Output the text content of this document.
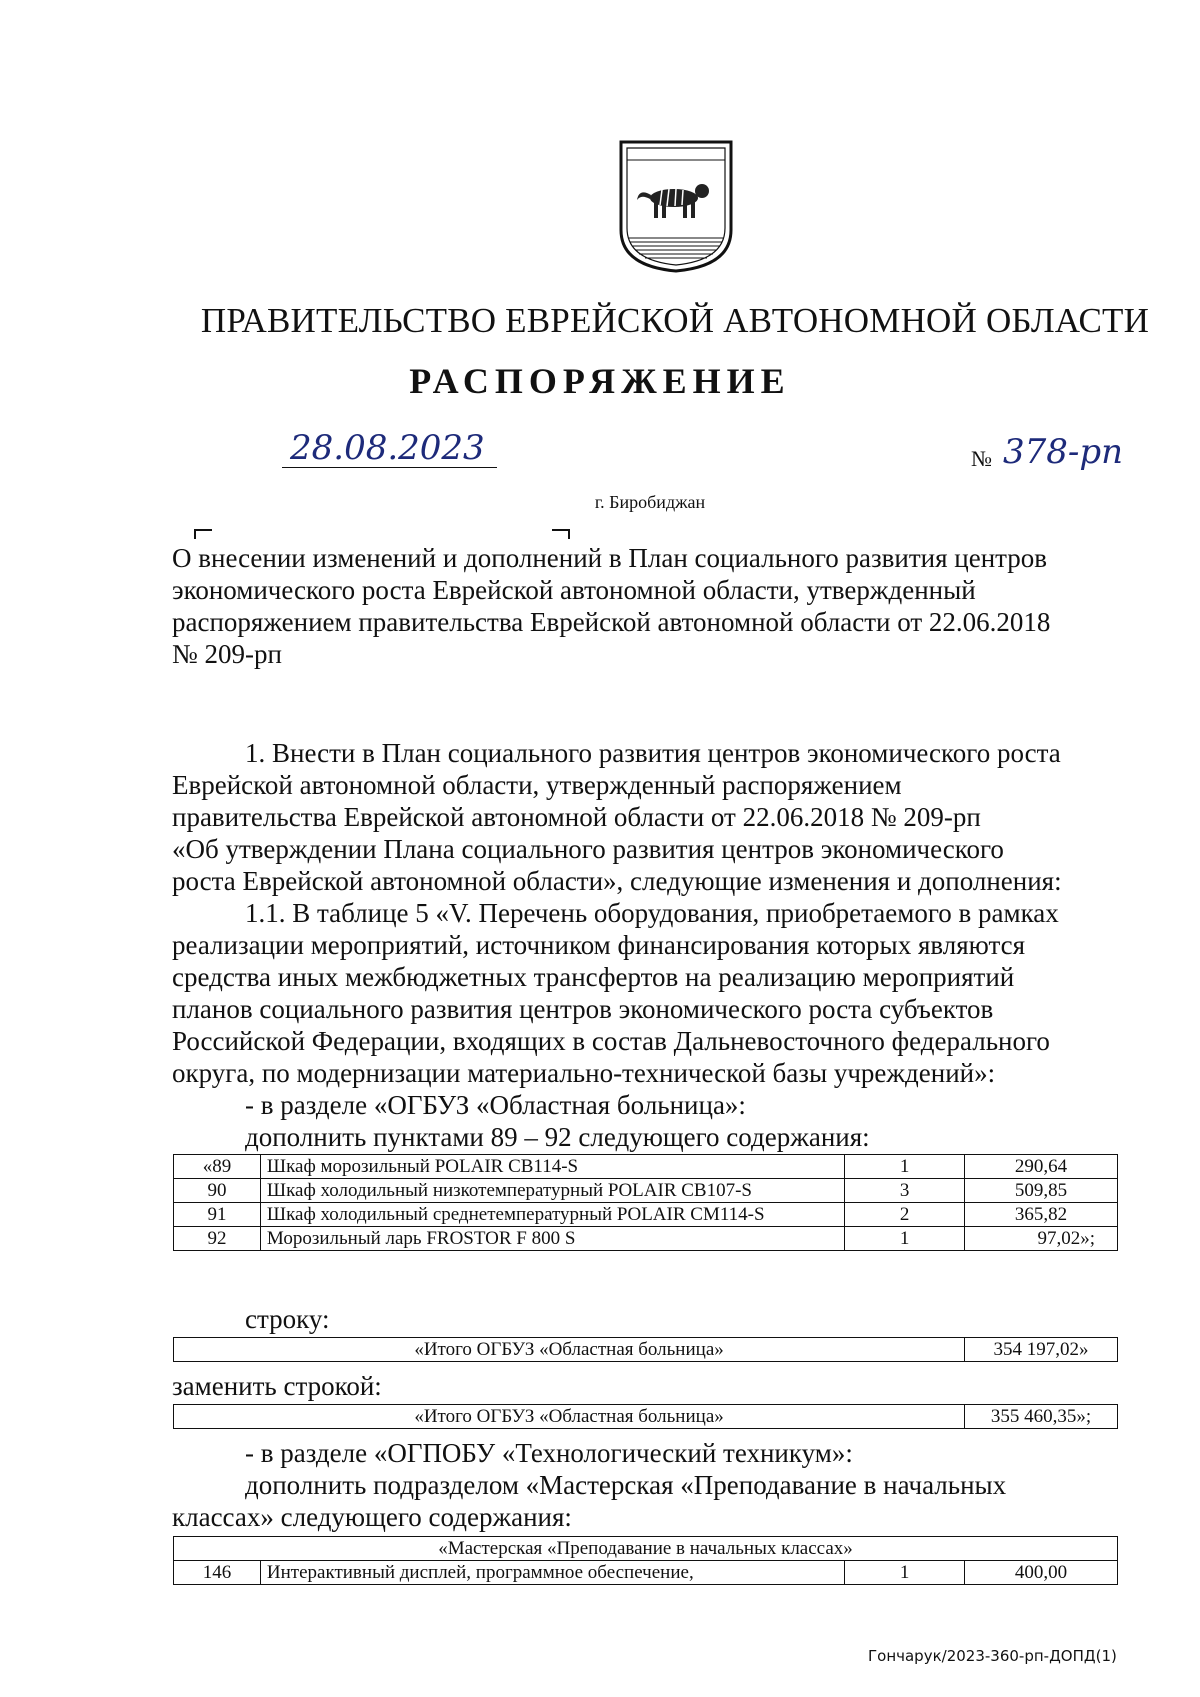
ПРАВИТЕЛЬСТВО ЕВРЕЙСКОЙ АВТОНОМНОЙ ОБЛАСТИ
РАСПОРЯЖЕНИЕ
28.08.2023	№ 378-рп
г. Биробиджан
О внесении изменений и дополнений в План социального развития центров
экономического роста Еврейской автономной области, утвержденный
распоряжением правительства Еврейской автономной области от 22.06.2018
№ 209-рп
1. Внести в План социального развития центров экономического роста
Еврейской автономной области, утвержденный распоряжением
правительства Еврейской автономной области от 22.06.2018 № 209-рп
«Об утверждении Плана социального развития центров экономического
роста Еврейской автономной области», следующие изменения и дополнения:
1.1. В таблице 5 «V. Перечень оборудования, приобретаемого в рамках
реализации мероприятий, источником финансирования которых являются
средства иных межбюджетных трансфертов на реализацию мероприятий
планов социального развития центров экономического роста субъектов
Российской Федерации, входящих в состав Дальневосточного федерального
округа, по модернизации материально-технической базы учреждений»:
- в разделе «ОГБУЗ «Областная больница»:
дополнить пунктами 89 – 92 следующего содержания:
«89	Шкаф морозильный POLAIR CB114-S	1	290,64
90	Шкаф холодильный низкотемпературный POLAIR CB107-S	3	509,85
91	Шкаф холодильный среднетемпературный POLAIR CM114-S	2	365,82
92	Морозильный ларь FROSTOR F 800 S	1	97,02»;
строку:
«Итого ОГБУЗ «Областная больница»	354 197,02»
заменить строкой:
«Итого ОГБУЗ «Областная больница»	355 460,35»;
- в разделе «ОГПОБУ «Технологический техникум»:
дополнить подразделом «Мастерская «Преподавание в начальных
классах» следующего содержания:
«Мастерская «Преподавание в начальных классах»
146	Интерактивный дисплей, программное обеспечение,	1	400,00
Гончарук/2023-360-рп-ДОПД(1)
